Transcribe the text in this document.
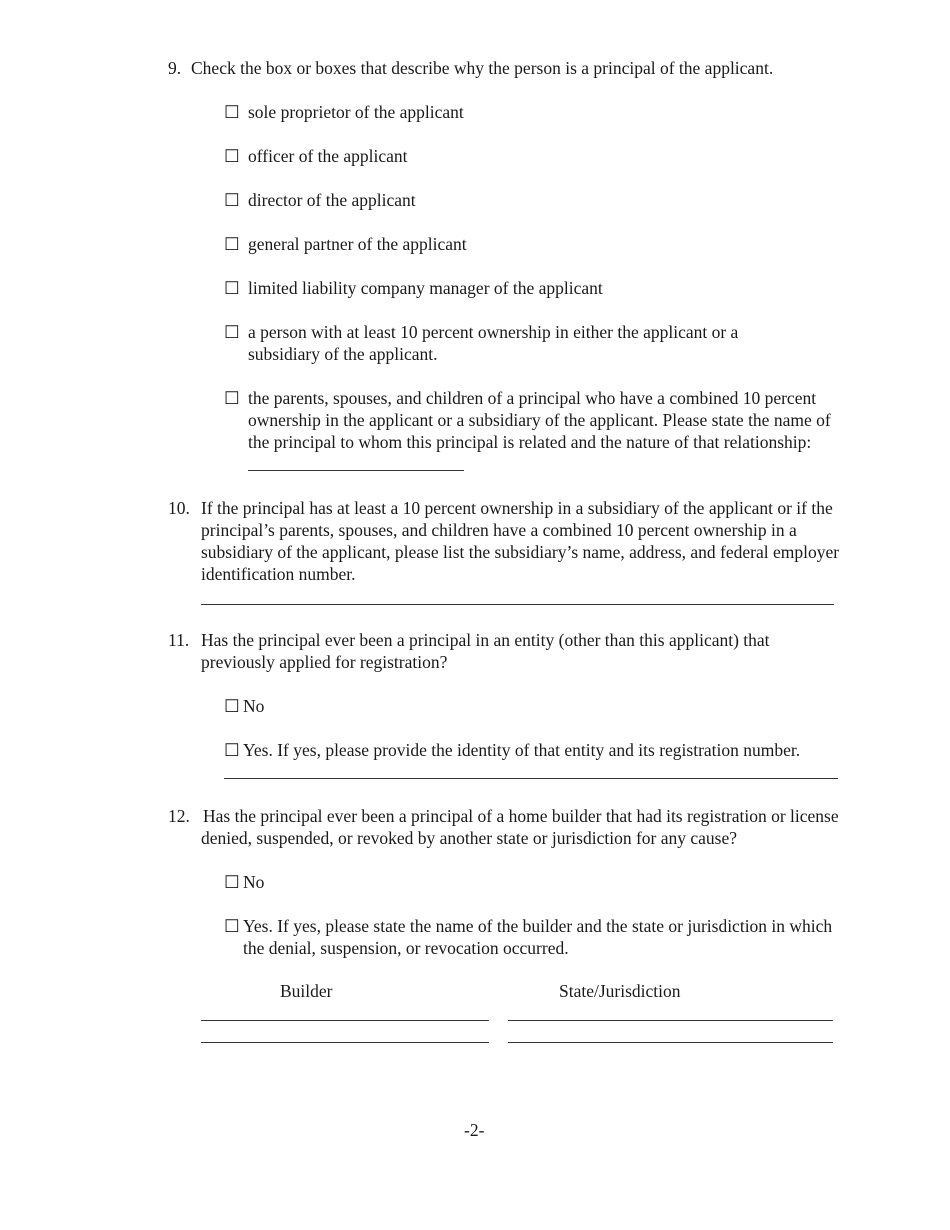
9. Check the box or boxes that describe why the person is a principal of the applicant.
☐ sole proprietor of the applicant
☐ officer of the applicant
☐ director of the applicant
☐ general partner of the applicant
☐ limited liability company manager of the applicant
☐ a person with at least 10 percent ownership in either the applicant or a subsidiary of the applicant.
☐ the parents, spouses, and children of a principal who have a combined 10 percent ownership in the applicant or a subsidiary of the applicant. Please state the name of the principal to whom this principal is related and the nature of that relationship:
10. If the principal has at least a 10 percent ownership in a subsidiary of the applicant or if the principal’s parents, spouses, and children have a combined 10 percent ownership in a subsidiary of the applicant, please list the subsidiary’s name, address, and federal employer identification number.
11. Has the principal ever been a principal in an entity (other than this applicant) that previously applied for registration?
☐ No
☐ Yes. If yes, please provide the identity of that entity and its registration number.
12. Has the principal ever been a principal of a home builder that had its registration or license denied, suspended, or revoked by another state or jurisdiction for any cause?
☐ No
☐ Yes. If yes, please state the name of the builder and the state or jurisdiction in which the denial, suspension, or revocation occurred.
Builder	State/Jurisdiction
-2-
